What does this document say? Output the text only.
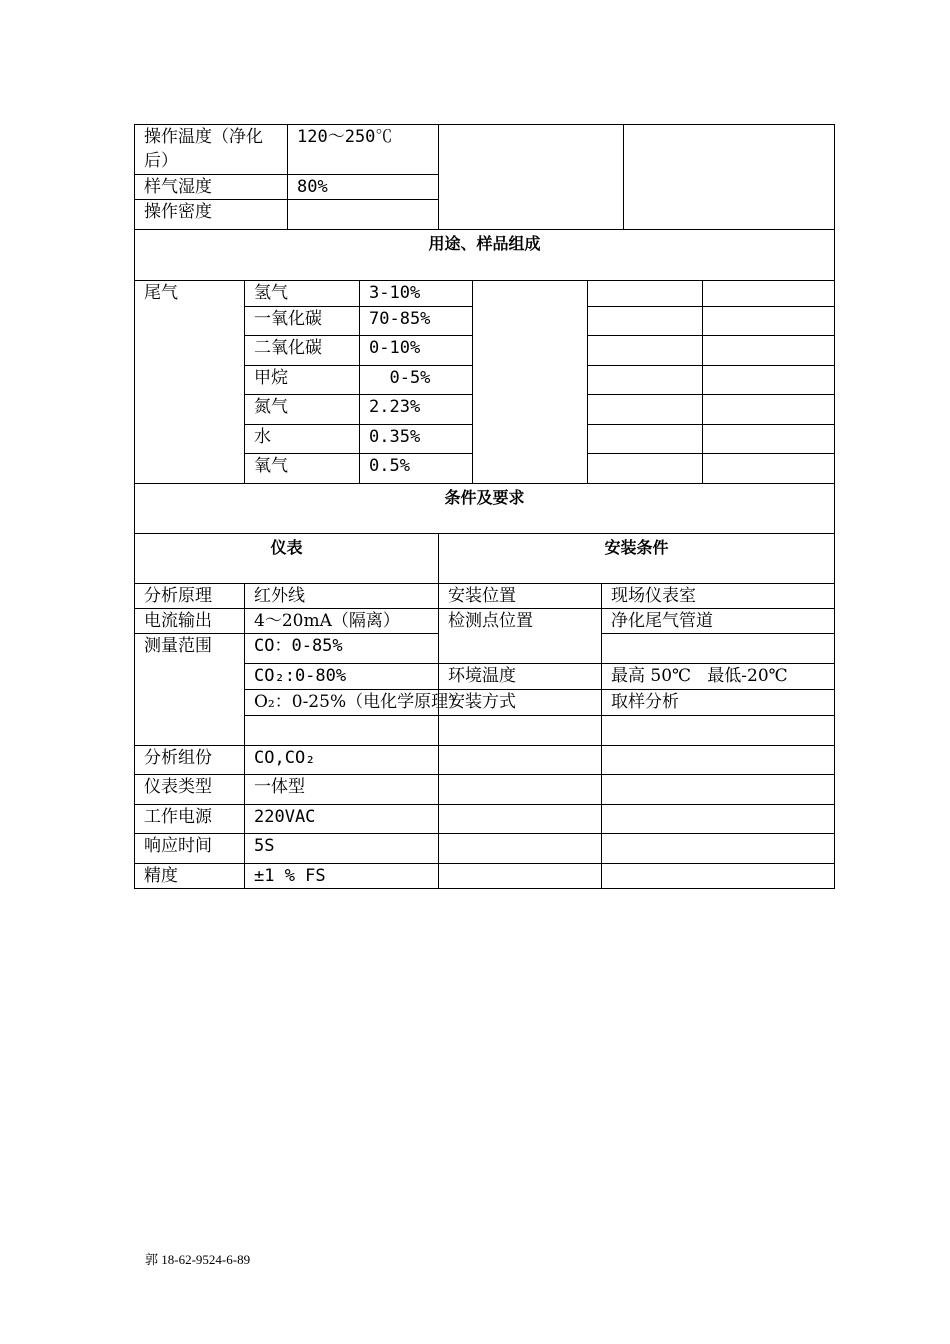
操作温度（净化后）	120～250℃		
样气湿度	80%		
操作密度			
用途、样品组成			
尾气	氢气	3-10%			
	一氧化碳	70-85%			
	二氧化碳	0-10%			
	甲烷	0-5%			
	氮气	2.23%			
	水	0.35%			
	氧气	0.5%			
条件及要求			
仪表		安装条件	
分析原理	红外线	安装位置	现场仪表室
电流输出	4～20mA（隔离）	检测点位置	净化尾气管道
测量范围	CO：0-85%		
	CO₂:0-80%	环境温度	最高 50℃   最低-20℃
	O₂：0-25%（电化学原理）	安装方式	取样分析

分析组份	CO,CO₂		
仪表类型	一体型		
工作电源	220VAC		
响应时间	5S		
精度	±1 % FS		
郭 18-62-9524-6-89
